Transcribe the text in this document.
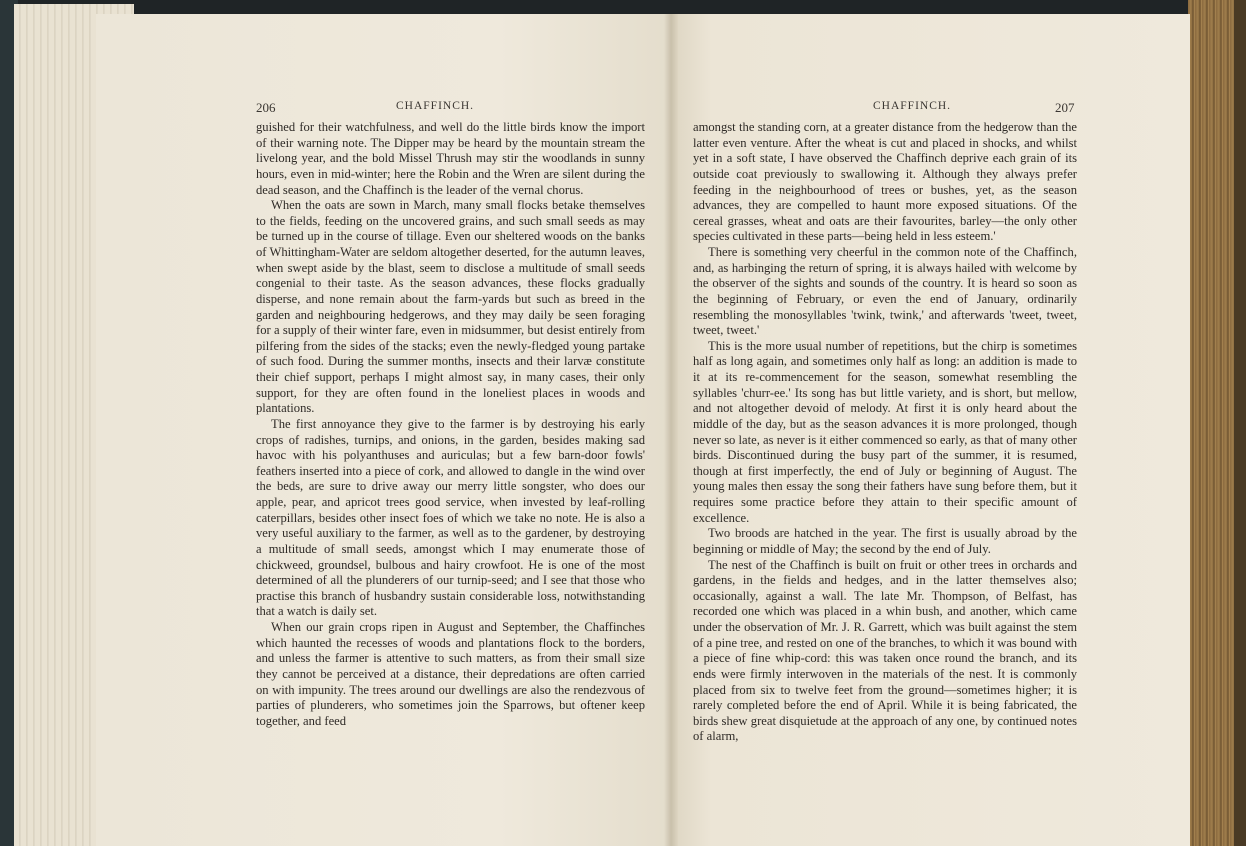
206	CHAFFINCH.	CHAFFINCH.	207

guished for their watchfulness, and well do the little birds know the import of their warning note. The Dipper may be heard by the mountain stream the livelong year, and the bold Missel Thrush may stir the woodlands in sunny hours, even in mid-winter; here the Robin and the Wren are silent during the dead season, and the Chaffinch is the leader of the vernal chorus.

When the oats are sown in March, many small flocks betake themselves to the fields, feeding on the uncovered grains, and such small seeds as may be turned up in the course of tillage. Even our sheltered woods on the banks of Whittingham-Water are seldom altogether deserted, for the autumn leaves, when swept aside by the blast, seem to disclose a multitude of small seeds congenial to their taste. As the season advances, these flocks gradually disperse, and none remain about the farm-yards but such as breed in the garden and neighbouring hedgerows, and they may daily be seen foraging for a supply of their winter fare, even in midsummer, but desist entirely from pilfering from the sides of the stacks; even the newly-fledged young partake of such food. During the summer months, insects and their larvæ constitute their chief support, perhaps I might almost say, in many cases, their only support, for they are often found in the loneliest places in woods and plantations.

The first annoyance they give to the farmer is by destroying his early crops of radishes, turnips, and onions, in the garden, besides making sad havoc with his polyanthuses and auriculas; but a few barn-door fowls' feathers inserted into a piece of cork, and allowed to dangle in the wind over the beds, are sure to drive away our merry little songster, who does our apple, pear, and apricot trees good service, when invested by leaf-rolling caterpillars, besides other insect foes of which we take no note. He is also a very useful auxiliary to the farmer, as well as to the gardener, by destroying a multitude of small seeds, amongst which I may enumerate those of chickweed, groundsel, bulbous and hairy crowfoot. He is one of the most determined of all the plunderers of our turnip-seed; and I see that those who practise this branch of husbandry sustain considerable loss, notwithstanding that a watch is daily set.

When our grain crops ripen in August and September, the Chaffinches which haunted the recesses of woods and plantations flock to the borders, and unless the farmer is attentive to such matters, as from their small size they cannot be perceived at a distance, their depredations are often carried on with impunity. The trees around our dwellings are also the rendezvous of parties of plunderers, who sometimes join the Sparrows, but oftener keep together, and feed

amongst the standing corn, at a greater distance from the hedgerow than the latter even venture. After the wheat is cut and placed in shocks, and whilst yet in a soft state, I have observed the Chaffinch deprive each grain of its outside coat previously to swallowing it. Although they always prefer feeding in the neighbourhood of trees or bushes, yet, as the season advances, they are compelled to haunt more exposed situations. Of the cereal grasses, wheat and oats are their favourites, barley—the only other species cultivated in these parts—being held in less esteem.'

There is something very cheerful in the common note of the Chaffinch, and, as harbinging the return of spring, it is always hailed with welcome by the observer of the sights and sounds of the country. It is heard so soon as the beginning of February, or even the end of January, ordinarily resembling the monosyllables 'twink, twink,' and afterwards 'tweet, tweet, tweet, tweet.'

This is the more usual number of repetitions, but the chirp is sometimes half as long again, and sometimes only half as long: an addition is made to it at its re-commencement for the season, somewhat resembling the syllables 'churr-ee.' Its song has but little variety, and is short, but mellow, and not altogether devoid of melody. At first it is only heard about the middle of the day, but as the season advances it is more prolonged, though never so late, as never is it either commenced so early, as that of many other birds. Discontinued during the busy part of the summer, it is resumed, though at first imperfectly, the end of July or beginning of August. The young males then essay the song their fathers have sung before them, but it requires some practice before they attain to their specific amount of excellence.

Two broods are hatched in the year. The first is usually abroad by the beginning or middle of May; the second by the end of July.

The nest of the Chaffinch is built on fruit or other trees in orchards and gardens, in the fields and hedges, and in the latter themselves also; occasionally, against a wall. The late Mr. Thompson, of Belfast, has recorded one which was placed in a whin bush, and another, which came under the observation of Mr. J. R. Garrett, which was built against the stem of a pine tree, and rested on one of the branches, to which it was bound with a piece of fine whip-cord: this was taken once round the branch, and its ends were firmly interwoven in the materials of the nest. It is commonly placed from six to twelve feet from the ground—sometimes higher; it is rarely completed before the end of April. While it is being fabricated, the birds shew great disquietude at the approach of any one, by continued notes of alarm,
